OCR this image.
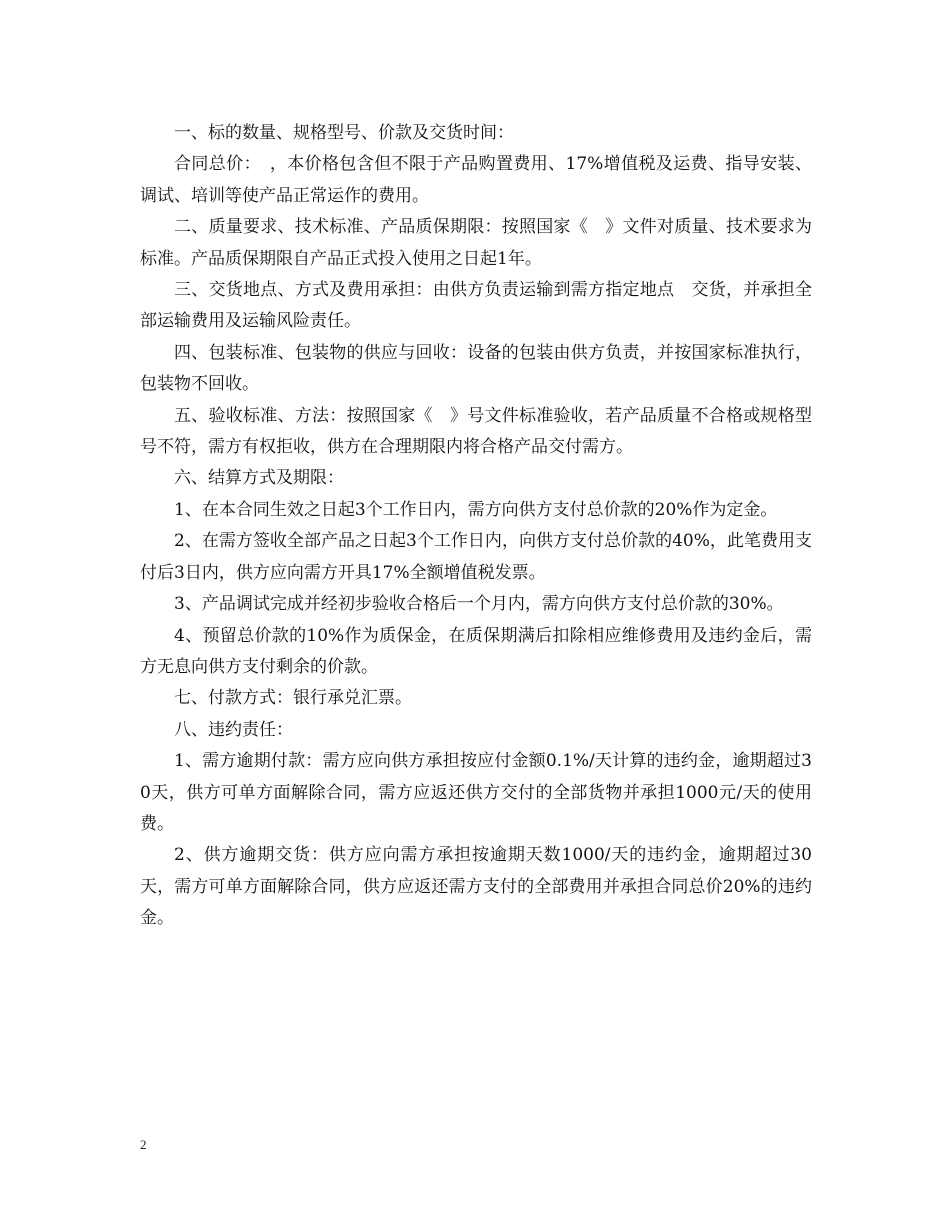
一、标的数量、规格型号、价款及交货时间：

合同总价：　，本价格包含但不限于产品购置费用、17%增值税及运费、指导安装、调试、培训等使产品正常运作的费用。

二、质量要求、技术标准、产品质保期限：按照国家《　》文件对质量、技术要求为标准。产品质保期限自产品正式投入使用之日起1年。

三、交货地点、方式及费用承担：由供方负责运输到需方指定地点　交货，并承担全部运输费用及运输风险责任。

四、包装标准、包装物的供应与回收：设备的包装由供方负责，并按国家标准执行，包装物不回收。

五、验收标准、方法：按照国家《　》号文件标准验收，若产品质量不合格或规格型号不符，需方有权拒收，供方在合理期限内将合格产品交付需方。

六、结算方式及期限：

1、在本合同生效之日起3个工作日内，需方向供方支付总价款的20%作为定金。

2、在需方签收全部产品之日起3个工作日内，向供方支付总价款的40%，此笔费用支付后3日内，供方应向需方开具17%全额增值税发票。

3、产品调试完成并经初步验收合格后一个月内，需方向供方支付总价款的30%。

4、预留总价款的10%作为质保金，在质保期满后扣除相应维修费用及违约金后，需方无息向供方支付剩余的价款。

七、付款方式：银行承兑汇票。

八、违约责任：

1、需方逾期付款：需方应向供方承担按应付金额0.1%/天计算的违约金，逾期超过30天，供方可单方面解除合同，需方应返还供方交付的全部货物并承担1000元/天的使用费。

2、供方逾期交货：供方应向需方承担按逾期天数1000/天的违约金，逾期超过30天，需方可单方面解除合同，供方应返还需方支付的全部费用并承担合同总价20%的违约金。

2
